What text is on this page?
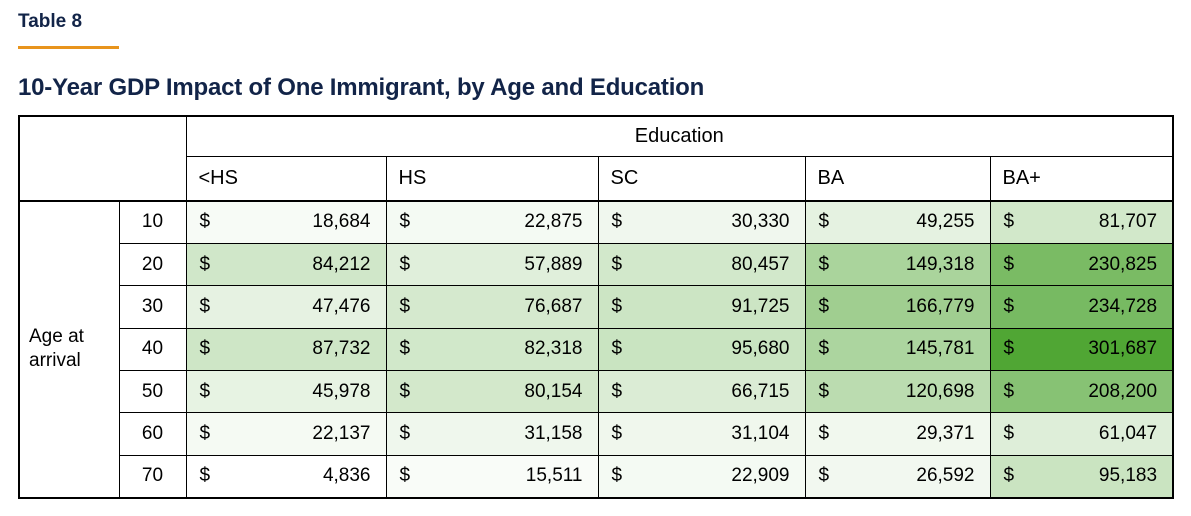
Table 8
10-Year GDP Impact of One Immigrant, by Age and Education
		Education				
		<HS	HS	SC	BA	BA+
Age at arrival	10	$ 18,684	$ 22,875	$ 30,330	$ 49,255	$ 81,707

	20	$ 84,212	$ 57,889	$ 80,457	$ 149,318	$ 230,825

	30	$ 47,476	$ 76,687	$ 91,725	$ 166,779	$ 234,728

	40	$ 87,732	$ 82,318	$ 95,680	$ 145,781	$ 301,687

	50	$ 45,978	$ 80,154	$ 66,715	$ 120,698	$ 208,200

	60	$ 22,137	$ 31,158	$ 31,104	$ 29,371	$ 61,047

	70	$ 4,836	$ 15,511	$ 22,909	$ 26,592	$ 95,183
